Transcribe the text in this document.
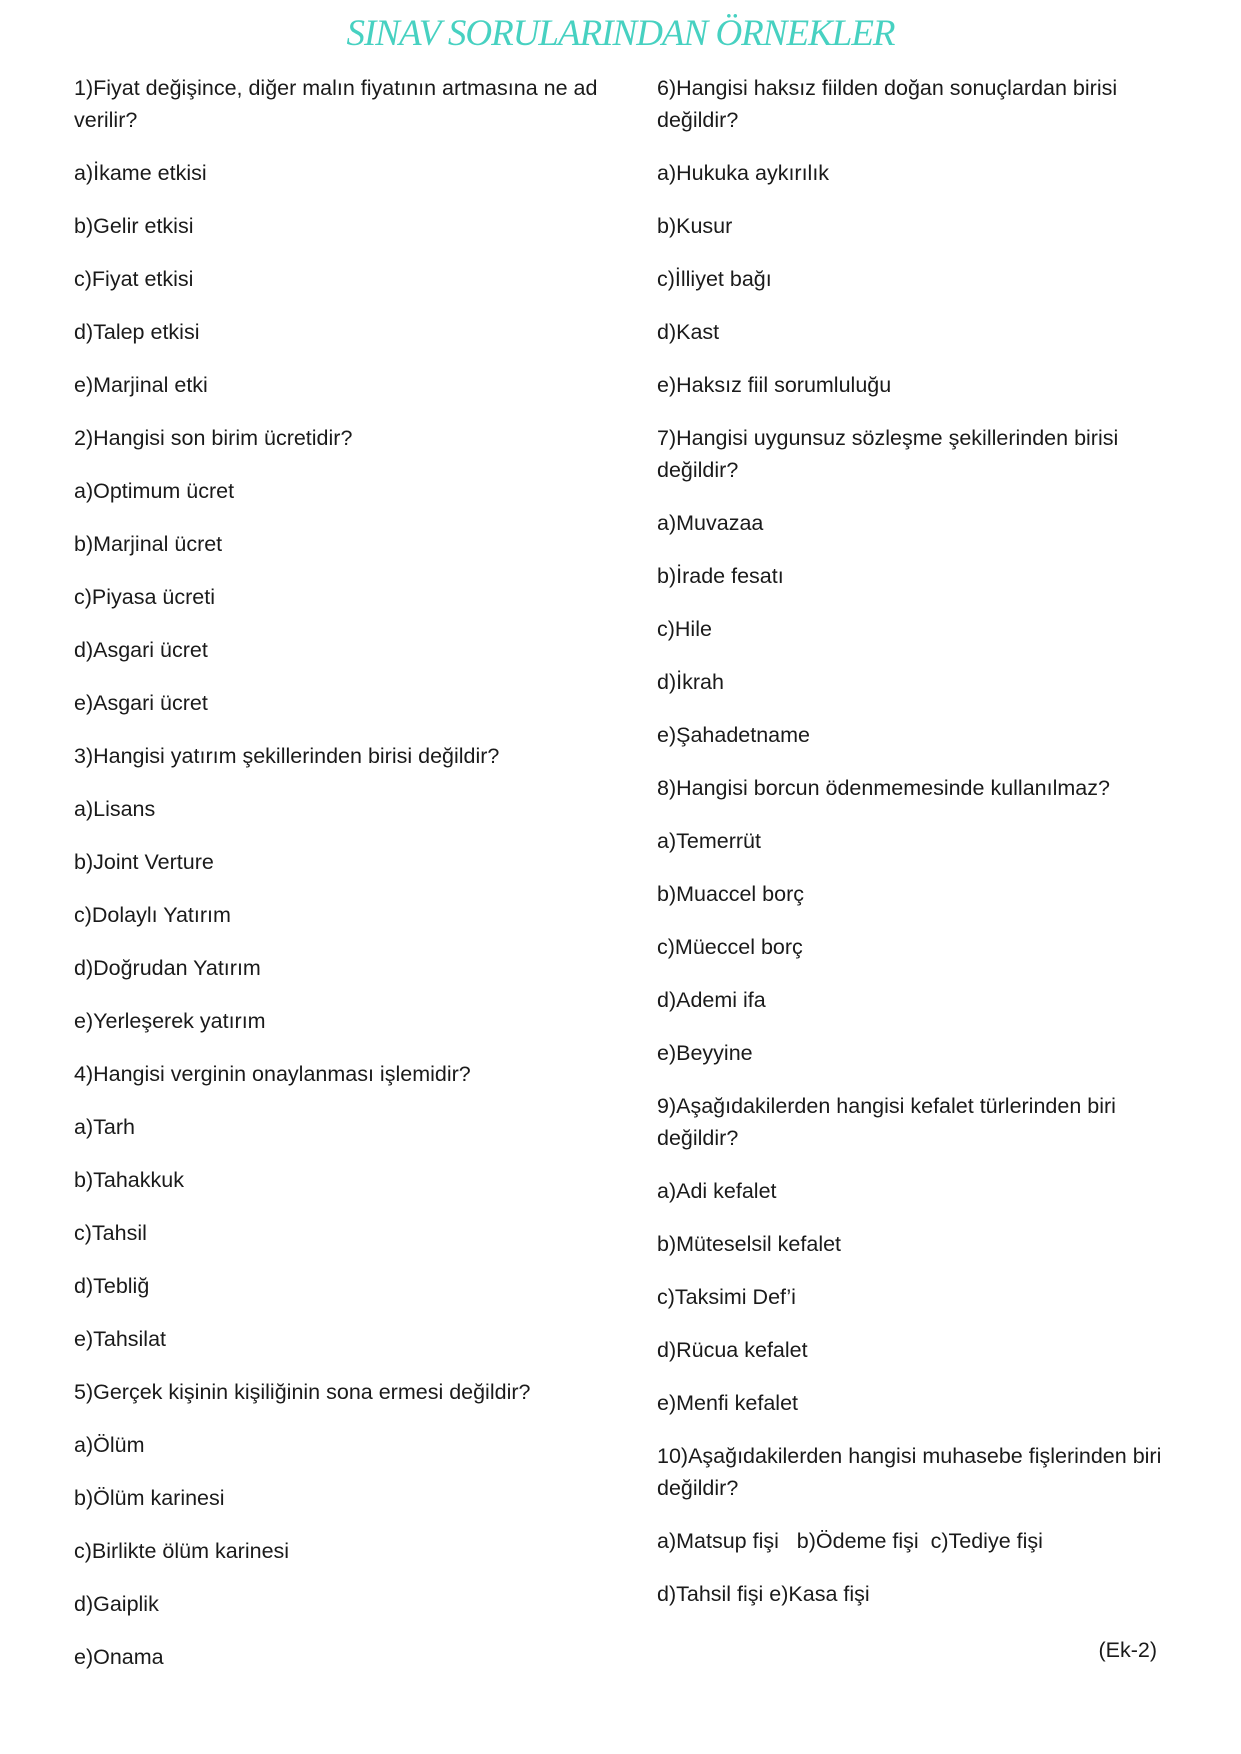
SINAV SORULARINDAN ÖRNEKLER
1)Fiyat değişince, diğer malın fiyatının artmasına ne ad verilir?
a)İkame etkisi
b)Gelir etkisi
c)Fiyat etkisi
d)Talep etkisi
e)Marjinal etki
2)Hangisi son birim ücretidir?
a)Optimum ücret
b)Marjinal ücret
c)Piyasa ücreti
d)Asgari ücret
e)Asgari ücret
3)Hangisi yatırım şekillerinden birisi değildir?
a)Lisans
b)Joint Verture
c)Dolaylı Yatırım
d)Doğrudan Yatırım
e)Yerleşerek yatırım
4)Hangisi verginin onaylanması işlemidir?
a)Tarh
b)Tahakkuk
c)Tahsil
d)Tebliğ
e)Tahsilat
5)Gerçek kişinin kişiliğinin sona ermesi değildir?
a)Ölüm
b)Ölüm karinesi
c)Birlikte ölüm karinesi
d)Gaiplik
e)Onama
6)Hangisi haksız fiilden doğan sonuçlardan birisi değildir?
a)Hukuka aykırılık
b)Kusur
c)İlliyet bağı
d)Kast
e)Haksız fiil sorumluluğu
7)Hangisi uygunsuz sözleşme şekillerinden birisi değildir?
a)Muvazaa
b)İrade fesatı
c)Hile
d)İkrah
e)Şahadetname
8)Hangisi borcun ödenmemesinde kullanılmaz?
a)Temerrüt
b)Muaccel borç
c)Müeccel borç
d)Ademi ifa
e)Beyyine
9)Aşağıdakilerden hangisi kefalet türlerinden biri değildir?
a)Adi kefalet
b)Müteselsil kefalet
c)Taksimi Def’i
d)Rücua kefalet
e)Menfi kefalet
10)Aşağıdakilerden hangisi muhasebe fişlerinden biri değildir?
a)Matsup fişi   b)Ödeme fişi  c)Tediye fişi
d)Tahsil fişi e)Kasa fişi
(Ek-2)
